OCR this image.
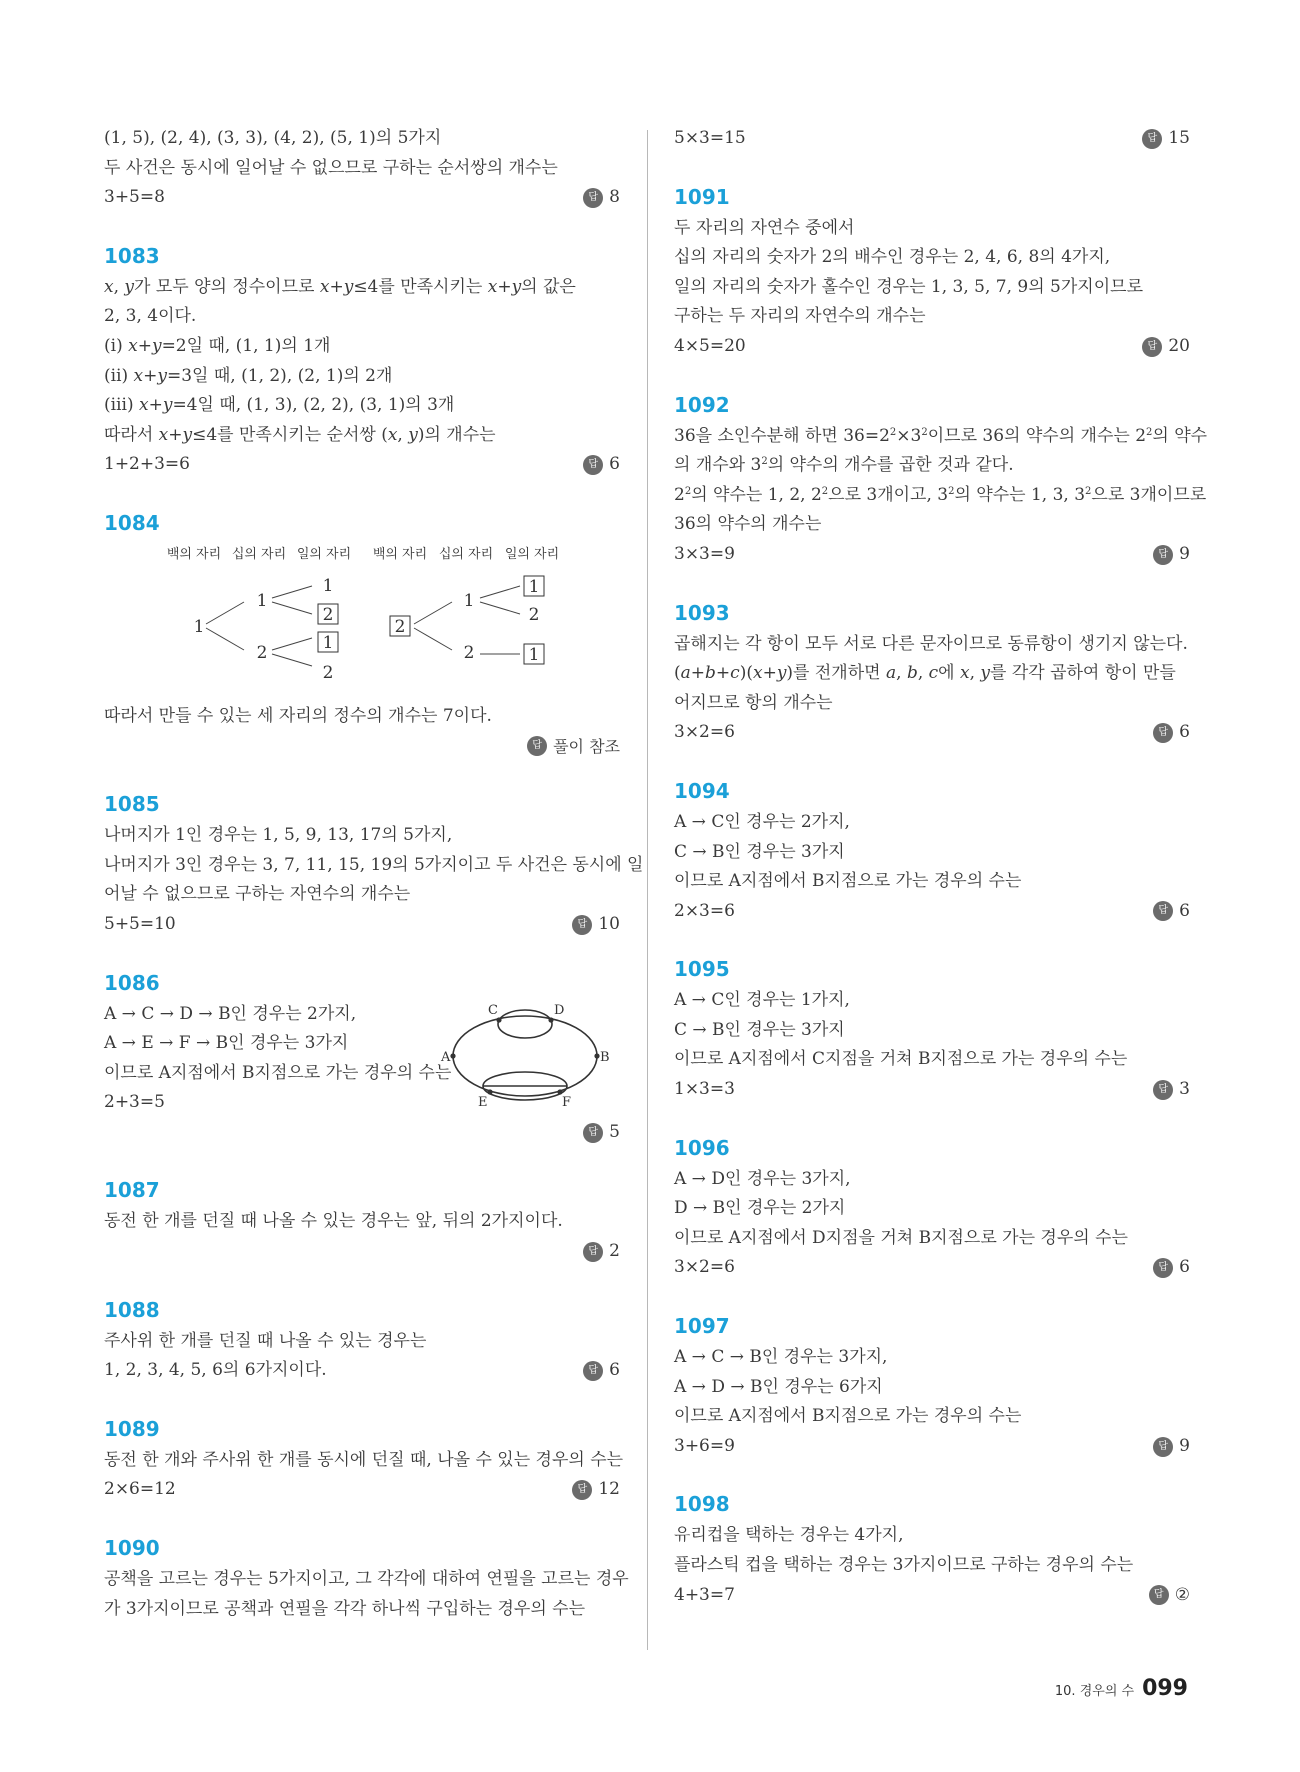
(1, 5), (2, 4), (3, 3), (4, 2), (5, 1)의 5가지
두 사건은 동시에 일어날 수 없으므로 구하는 순서쌍의 개수는
3+5=8	답 8
1083
x, y가 모두 양의 정수이므로 x+y≤4를 만족시키는 x+y의 값은
2, 3, 4이다.
(ⅰ) x+y=2일 때, (1, 1)의 1개
(ⅱ) x+y=3일 때, (1, 2), (2, 1)의 2개
(ⅲ) x+y=4일 때, (1, 3), (2, 2), (3, 1)의 3개
따라서 x+y≤4를 만족시키는 순서쌍 (x, y)의 개수는
1+2+3=6	답 6
1084
백의 자리 십의 자리 일의 자리 백의 자리 십의 자리 일의 자리
1
1
2
1
2
1
2
2
1
2
1
2
1
따라서 만들 수 있는 세 자리의 정수의 개수는 7이다.
답 풀이 참조
1085
나머지가 1인 경우는 1, 5, 9, 13, 17의 5가지,
나머지가 3인 경우는 3, 7, 11, 15, 19의 5가지이고 두 사건은 동시에 일
어날 수 없으므로 구하는 자연수의 개수는
5+5=10	답 10
1086
A → C → D → B인 경우는 2가지,
A → E → F → B인 경우는 3가지
이므로 A지점에서 B지점으로 가는 경우의 수는
2+3=5
A	B
C	D
E	F
답 5
1087
동전 한 개를 던질 때 나올 수 있는 경우는 앞, 뒤의 2가지이다.
답 2
1088
주사위 한 개를 던질 때 나올 수 있는 경우는
1, 2, 3, 4, 5, 6의 6가지이다.	답 6
1089
동전 한 개와 주사위 한 개를 동시에 던질 때, 나올 수 있는 경우의 수는
2×6=12	답 12
1090
공책을 고르는 경우는 5가지이고, 그 각각에 대하여 연필을 고르는 경우
가 3가지이므로 공책과 연필을 각각 하나씩 구입하는 경우의 수는
5×3=15	답 15
1091
두 자리의 자연수 중에서
십의 자리의 숫자가 2의 배수인 경우는 2, 4, 6, 8의 4가지,
일의 자리의 숫자가 홀수인 경우는 1, 3, 5, 7, 9의 5가지이므로
구하는 두 자리의 자연수의 개수는
4×5=20	답 20
1092
36을 소인수분해 하면 $36=2^2\times 3^2$이므로 36의 약수의 개수는 $2^2$의 약수
의 개수와 $3^2$의 약수의 개수를 곱한 것과 같다.
$2^2$의 약수는 1, 2, $2^2$으로 3개이고, $3^2$의 약수는 1, 3, $3^2$으로 3개이므로
36의 약수의 개수는
3×3=9	답 9
1093
곱해지는 각 항이 모두 서로 다른 문자이므로 동류항이 생기지 않는다.
(a+b+c)(x+y)를 전개하면 a, b, c에 x, y를 각각 곱하여 항이 만들
어지므로 항의 개수는
3×2=6	답 6
1094
A → C인 경우는 2가지,
C → B인 경우는 3가지
이므로 A지점에서 B지점으로 가는 경우의 수는
2×3=6	답 6
1095
A → C인 경우는 1가지,
C → B인 경우는 3가지
이므로 A지점에서 C지점을 거쳐 B지점으로 가는 경우의 수는
1×3=3	답 3
1096
A → D인 경우는 3가지,
D → B인 경우는 2가지
이므로 A지점에서 D지점을 거쳐 B지점으로 가는 경우의 수는
3×2=6	답 6
1097
A → C → B인 경우는 3가지,
A → D → B인 경우는 6가지
이므로 A지점에서 B지점으로 가는 경우의 수는
3+6=9	답 9
1098
유리컵을 택하는 경우는 4가지,
플라스틱 컵을 택하는 경우는 3가지이므로 구하는 경우의 수는
4+3=7	답 ②
10. 경우의 수 099
